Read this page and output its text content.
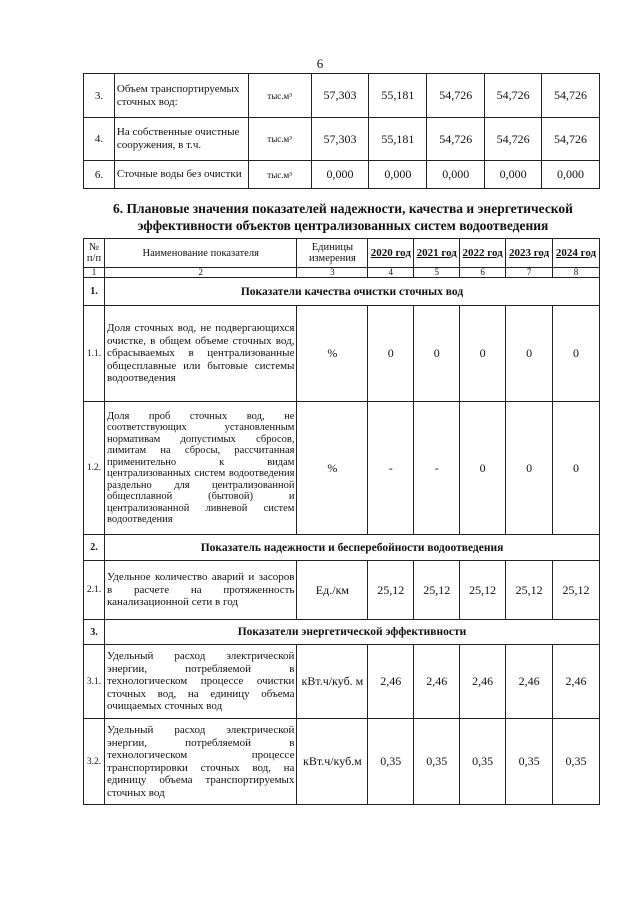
6
3.	Объем транспортируемых сточных вод:	тыс.м³	57,303	55,181	54,726	54,726	54,726
4.	На собственные очистные сооружения, в т.ч.	тыс.м³	57,303	55,181	54,726	54,726	54,726
6.	Сточные воды без очистки	тыс.м³	0,000	0,000	0,000	0,000	0,000
6. Плановые значения показателей надежности, качества и энергетической эффективности объектов централизованных систем водоотведения
№ п/п	Наименование показателя	Единицы измерения	2020 год	2021 год	2022 год	2023 год	2024 год
1	2	3	4	5	6	7	8
1.	Показатели качества очистки сточных вод						
1.1.	Доля сточных вод, не подвергающихся очистке, в общем объеме сточных вод, сбрасываемых в централизованные общесплавные или бытовые системы водоотведения	%	0	0	0	0	0
1.2.	Доля проб сточных вод, не соответствующих установленным нормативам допустимых сбросов, лимитам на сбросы, рассчитанная применительно к видам централизованных систем водоотведения раздельно для централизованной общесплавной (бытовой) и централизованной ливневой систем водоотведения	%	-	-	0	0	0
2.	Показатель надежности и бесперебойности водоотведения						
2.1.	Удельное количество аварий и засоров в расчете на протяженность канализационной сети в год	Ед./км	25,12	25,12	25,12	25,12	25,12
3.	Показатели энергетической эффективности						
3.1.	Удельный расход электрической энергии, потребляемой в технологическом процессе очистки сточных вод, на единицу объема очищаемых сточных вод	кВт.ч/куб. м	2,46	2,46	2,46	2,46	2,46
3.2.	Удельный расход электрической энергии, потребляемой в технологическом процессе транспортировки сточных вод, на единицу объема транспортируемых сточных вод	кВт.ч/куб.м	0,35	0,35	0,35	0,35	0,35
